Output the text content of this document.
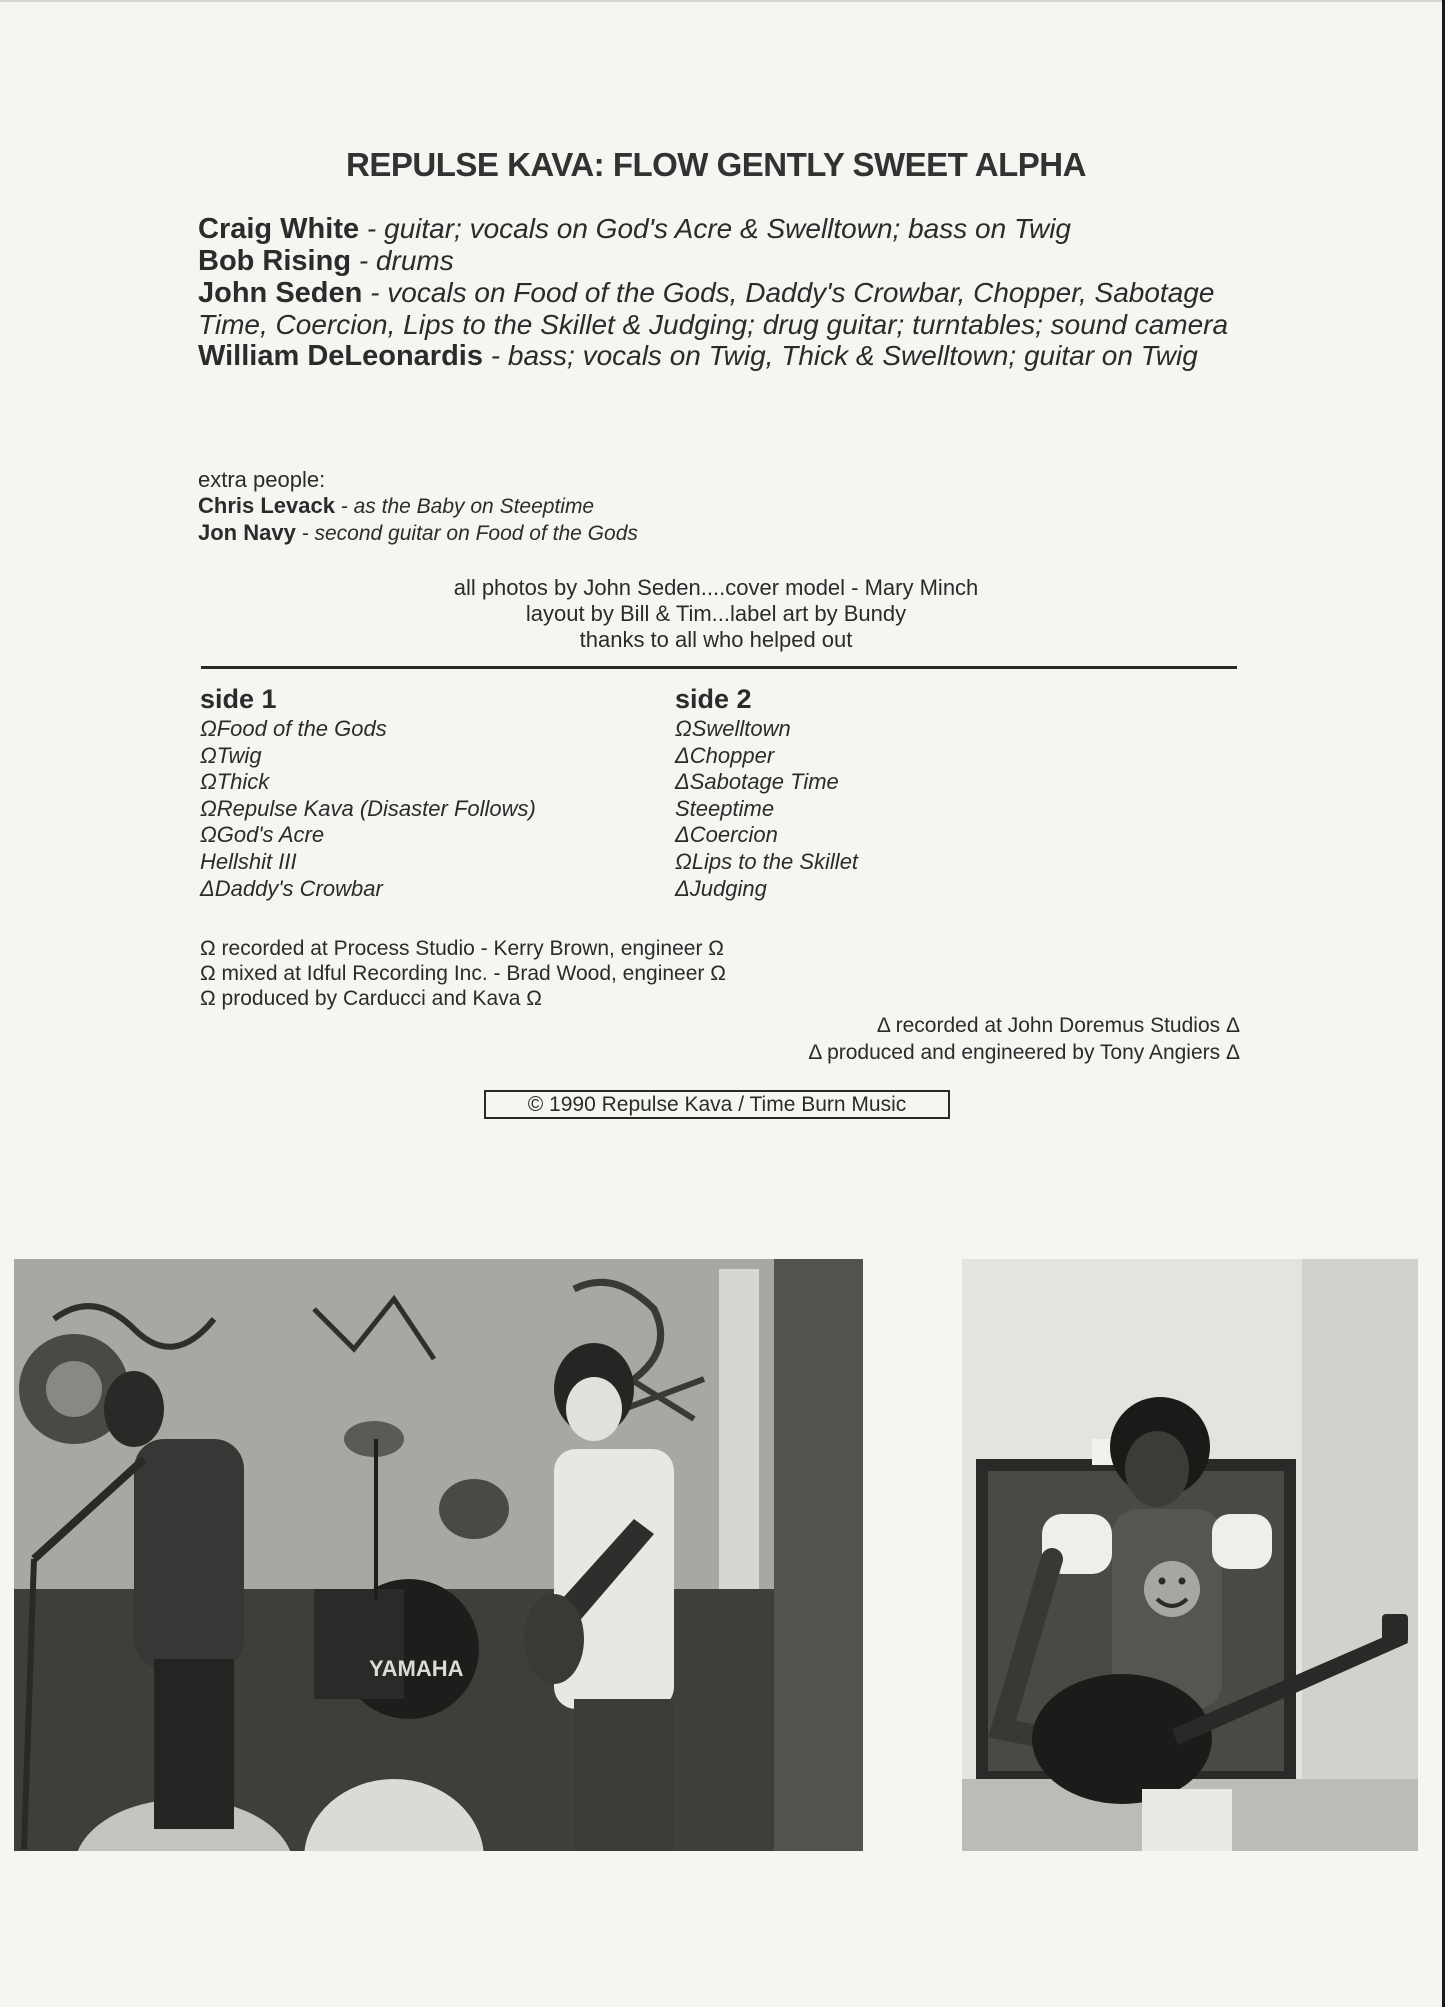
REPULSE KAVA: FLOW GENTLY SWEET ALPHA
Craig White - guitar; vocals on God's Acre & Swelltown; bass on Twig
Bob Rising - drums
John Seden - vocals on Food of the Gods, Daddy's Crowbar, Chopper, Sabotage Time, Coercion, Lips to the Skillet & Judging; drug guitar; turntables; sound camera
William DeLeonardis - bass; vocals on Twig, Thick & Swelltown; guitar on Twig
extra people:
Chris Levack - as the Baby on Steeptime
Jon Navy - second guitar on Food of the Gods
all photos by John Seden....cover model - Mary Minch
layout by Bill & Tim...label art by Bundy
thanks to all who helped out
side 1
ΩFood of the Gods
ΩTwig
ΩThick
ΩRepulse Kava (Disaster Follows)
ΩGod's Acre
Hellshit III
ΔDaddy's Crowbar
side 2
ΩSwelltown
ΔChopper
ΔSabotage Time
Steeptime
ΔCoercion
ΩLips to the Skillet
ΔJudging
Ω recorded at Process Studio - Kerry Brown, engineer Ω
Ω mixed at Idful Recording Inc. - Brad Wood, engineer Ω
Ω produced by Carducci and Kava Ω
Δ recorded at John Doremus Studios Δ
Δ produced and engineered by Tony Angiers Δ
© 1990 Repulse Kava / Time Burn Music
YAMAHA
